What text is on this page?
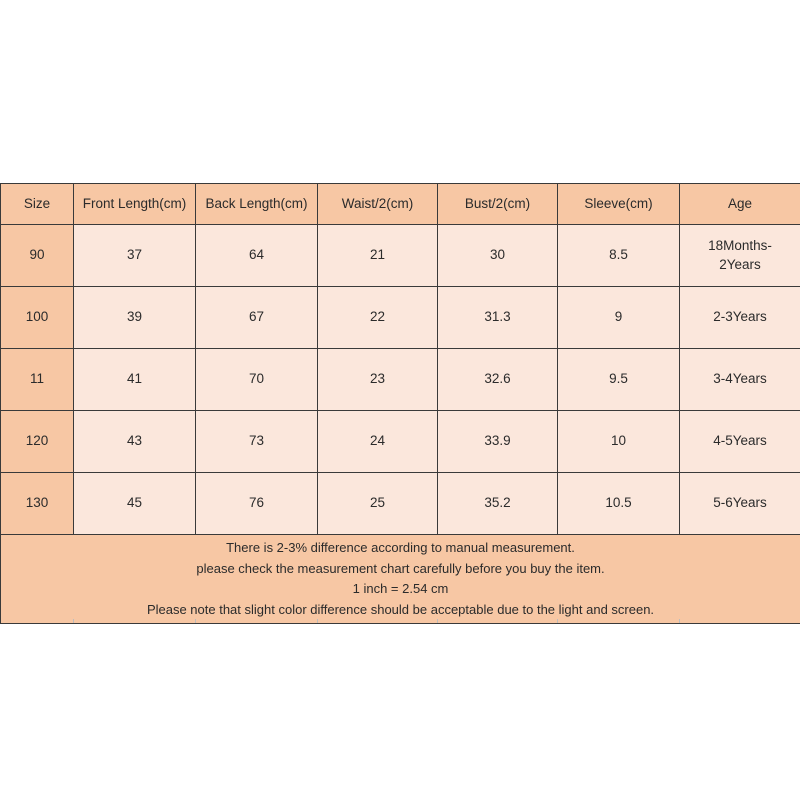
Size	Front Length(cm)	Back Length(cm)	Waist/2(cm)	Bust/2(cm)	Sleeve(cm)	Age
90	37	64	21	30	8.5	18Months-2Years
100	39	67	22	31.3	9	2-3Years
11	41	70	23	32.6	9.5	3-4Years
120	43	73	24	33.9	10	4-5Years
130	45	76	25	35.2	10.5	5-6Years

There is 2-3% difference according to manual measurement.
please check the measurement chart carefully before you buy the item.
1 inch = 2.54 cm
Please note that slight color difference should be acceptable due to the light and screen.						
